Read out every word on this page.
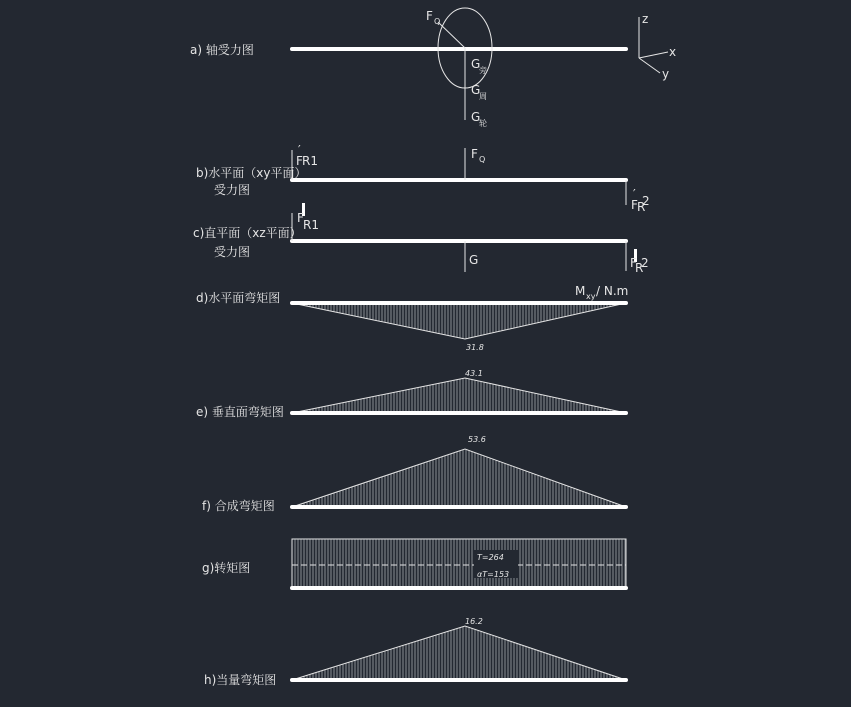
a) 轴受力图
F Q
G
旁
G
周
G
轮
z
x
y
b)水平面（xy平面）
受力图
F R1
′	F Q
F R
2
′
c)直平面（xz平面）
受力图
F R1
G	F
R
2
d)水平面弯矩图	M xy / N.m
31.8
e) 垂直面弯矩图
43.1
f) 合成弯矩图
53.6
g)转矩图
T=264
αT=153
h)当量弯矩图
16.2
